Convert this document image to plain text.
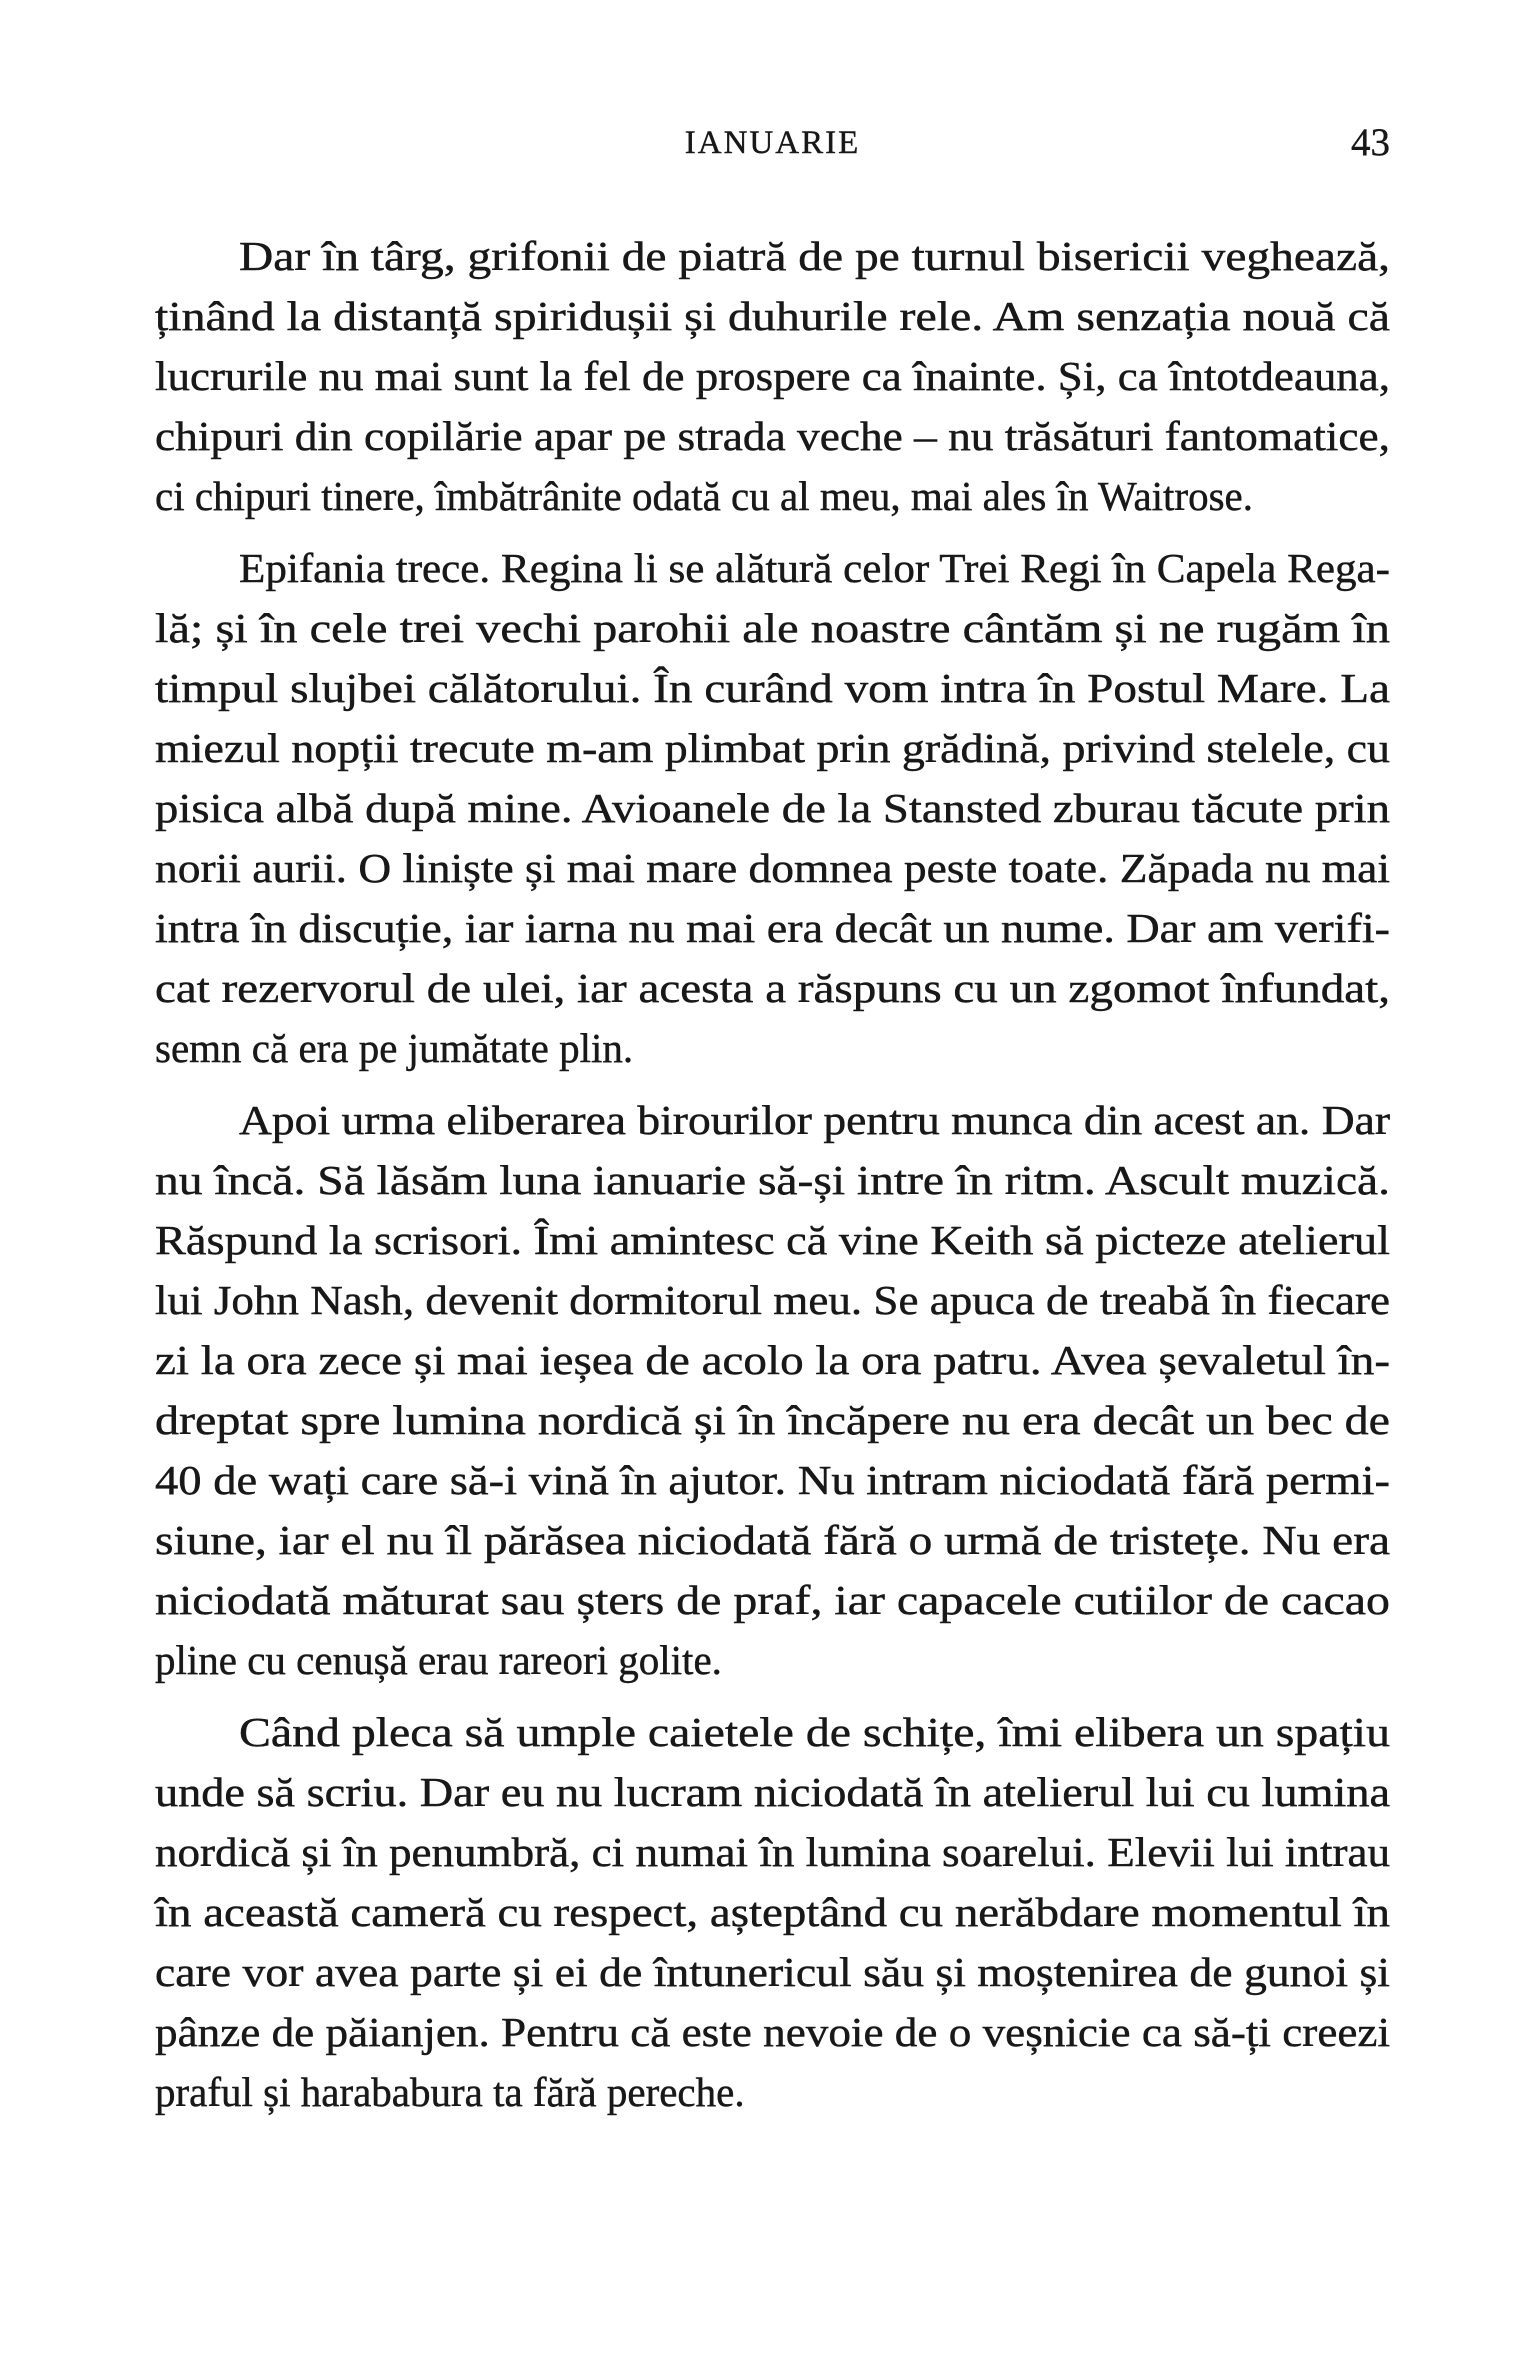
IANUARIE	43
Dar în târg, grifonii de piatră de pe turnul bisericii veghează,
ținând la distanță spiridușii și duhurile rele. Am senzația nouă că
lucrurile nu mai sunt la fel de prospere ca înainte. Și, ca întotdeauna,
chipuri din copilărie apar pe strada veche – nu trăsături fantomatice,
ci chipuri tinere, îmbătrânite odată cu al meu, mai ales în Waitrose.
Epifania trece. Regina li se alătură celor Trei Regi în Capela Rega-
lă; și în cele trei vechi parohii ale noastre cântăm și ne rugăm în
timpul slujbei călătorului. În curând vom intra în Postul Mare. La
miezul nopții trecute m-am plimbat prin grădină, privind stelele, cu
pisica albă după mine. Avioanele de la Stansted zburau tăcute prin
norii aurii. O liniște și mai mare domnea peste toate. Zăpada nu mai
intra în discuție, iar iarna nu mai era decât un nume. Dar am verifi-
cat rezervorul de ulei, iar acesta a răspuns cu un zgomot înfundat,
semn că era pe jumătate plin.
Apoi urma eliberarea birourilor pentru munca din acest an. Dar
nu încă. Să lăsăm luna ianuarie să-și intre în ritm. Ascult muzică.
Răspund la scrisori. Îmi amintesc că vine Keith să picteze atelierul
lui John Nash, devenit dormitorul meu. Se apuca de treabă în fiecare
zi la ora zece și mai ieșea de acolo la ora patru. Avea șevaletul în-
dreptat spre lumina nordică și în încăpere nu era decât un bec de
40 de wați care să-i vină în ajutor. Nu intram niciodată fără permi-
siune, iar el nu îl părăsea niciodată fără o urmă de tristețe. Nu era
niciodată măturat sau șters de praf, iar capacele cutiilor de cacao
pline cu cenușă erau rareori golite.
Când pleca să umple caietele de schițe, îmi elibera un spațiu
unde să scriu. Dar eu nu lucram niciodată în atelierul lui cu lumina
nordică și în penumbră, ci numai în lumina soarelui. Elevii lui intrau
în această cameră cu respect, așteptând cu nerăbdare momentul în
care vor avea parte și ei de întunericul său și moștenirea de gunoi și
pânze de păianjen. Pentru că este nevoie de o veșnicie ca să-ți creezi
praful și harababura ta fără pereche.
